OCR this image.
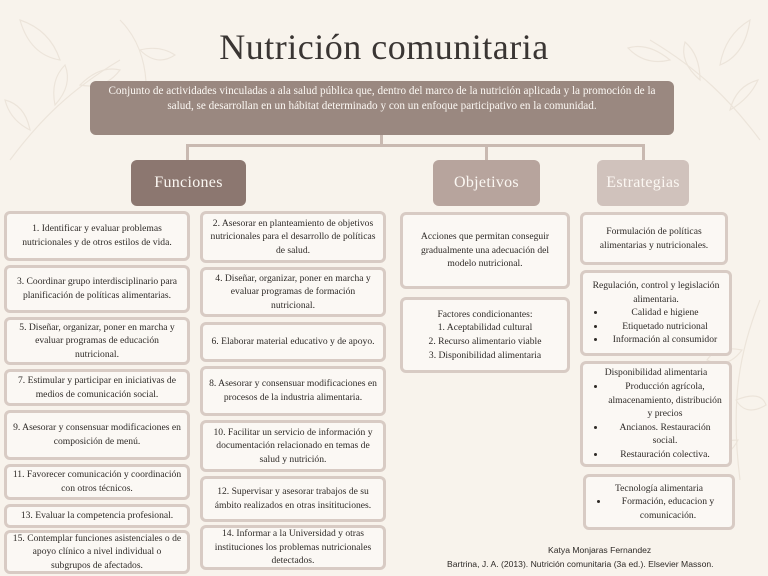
Nutrición comunitaria
Conjunto de actividades vinculadas a ala salud pública que, dentro del marco de la nutrición aplicada y la promoción de la salud, se desarrollan en un hábitat determinado y con un enfoque participativo en la comunidad.
Funciones	Objetivos	Estrategias
1. Identificar y evaluar problemas nutricionales y de otros estilos de vida.
3. Coordinar grupo interdisciplinario para planificación de políticas alimentarias.
5. Diseñar, organizar, poner en marcha y evaluar programas de educación nutricional.
7. Estimular y participar en iniciativas de medios de comunicación social.
9. Asesorar y consensuar modificaciones en composición de menú.
11. Favorecer comunicación y coordinación con otros técnicos.
13. Evaluar la competencia profesional.
15. Contemplar funciones asistenciales o de apoyo clínico a nivel individual o subgrupos de afectados.
2. Asesorar en planteamiento de objetivos nutricionales para el desarrollo de políticas de salud.
4. Diseñar, organizar, poner en marcha y evaluar programas de formación nutricional.
6. Elaborar material educativo y de apoyo.
8. Asesorar y consensuar modificaciones en procesos de la industria alimentaria.
10. Facilitar un servicio de información y documentación relacionado en temas de salud y nutrición.
12. Supervisar y asesorar trabajos de su ámbito realizados en otras insitituciones.
14. Informar a la Universidad y otras instituciones los problemas nutricionales detectados.

Acciones que permitan conseguir gradualmente una adecuación del modelo nutricional.

Factores condicionantes:

1. Aceptabilidad cultural

2. Recurso alimentario viable

3. Disponibilidad alimentaria

Formulación de políticas alimentarias y nutricionales.

Regulación, control y legislación alimentaria.

• Calidad e higiene
• Etiquetado nutricional
• Información al consumidor

Disponibilidad alimentaria

• Producción agrícola, almacenamiento, distribución y precios
• Ancianos. Restauración social.
• Restauración colectiva.

Tecnología alimentaria

• Formación, educacion y comunicación.
Katya Monjaras Fernandez
Bartrina, J. A. (2013). Nutrición comunitaria (3a ed.). Elsevier Masson.
